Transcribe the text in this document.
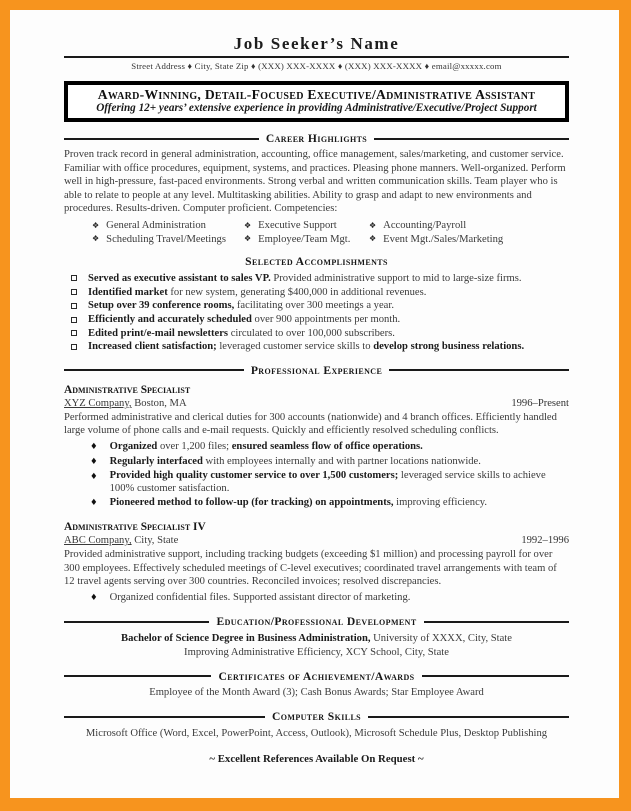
Job Seeker’s Name
Street Address ♦ City, State Zip ♦ (XXX) XXX-XXXX ♦ (XXX) XXX-XXXX ♦ email@xxxxx.com
Award-Winning, Detail-Focused Executive/Administrative Assistant
Offering 12+ years’ extensive experience in providing Administrative/Executive/Project Support
Career Highlights

Proven track record in general administration, accounting, office management, sales/marketing, and customer service. Familiar with office procedures, equipment, systems, and practices. Pleasing phone manners. Well-organized. Perform well in high-pressure, fast-paced environments. Strong verbal and written communication skills. Team player who is able to relate to people at any level. Multitasking abilities. Ability to grasp and adapt to new environments and procedures. Results-driven. Computer proficient. Competencies:

❖ General Administration	❖ Executive Support	❖ Accounting/Payroll
❖ Scheduling Travel/Meetings ❖ Employee/Team Mgt. ❖ Event Mgt./Sales/Marketing
Selected Accomplishments
Served as executive assistant to sales VP. Provided administrative support to mid to large-size firms.
Identified market for new system, generating $400,000 in additional revenues.
Setup over 39 conference rooms, facilitating over 300 meetings a year.
Efficiently and accurately scheduled over 900 appointments per month.
Edited print/e-mail newsletters circulated to over 100,000 subscribers.
Increased client satisfaction; leveraged customer service skills to develop strong business relations.
Professional Experience
Administrative Specialist
XYZ Company, Boston, MA	1996–Present

Performed administrative and clerical duties for 300 accounts (nationwide) and 4 branch offices. Efficiently handled large volume of phone calls and e-mail requests. Quickly and efficiently resolved scheduling conflicts.

♦ Organized over 1,200 files; ensured seamless flow of office operations.
♦ Regularly interfaced with employees internally and with partner locations nationwide.
♦ Provided high quality customer service to over 1,500 customers; leveraged service skills to achieve 100% customer satisfaction.
♦ Pioneered method to follow-up (for tracking) on appointments, improving efficiency.
Administrative Specialist IV
ABC Company, City, State	1992–1996

Provided administrative support, including tracking budgets (exceeding $1 million) and processing payroll for over 300 employees. Effectively scheduled meetings of C-level executives; coordinated travel arrangements with team of 12 travel agents serving over 300 countries. Reconciled invoices; resolved discrepancies.

♦ Organized confidential files. Supported assistant director of marketing.
Education/Professional Development
Bachelor of Science Degree in Business Administration, University of XXXX, City, State
Improving Administrative Efficiency, XCY School, City, State
Certificates of Achievement/Awards
Employee of the Month Award (3); Cash Bonus Awards; Star Employee Award
Computer Skills
Microsoft Office (Word, Excel, PowerPoint, Access, Outlook), Microsoft Schedule Plus, Desktop Publishing
~ Excellent References Available On Request ~
